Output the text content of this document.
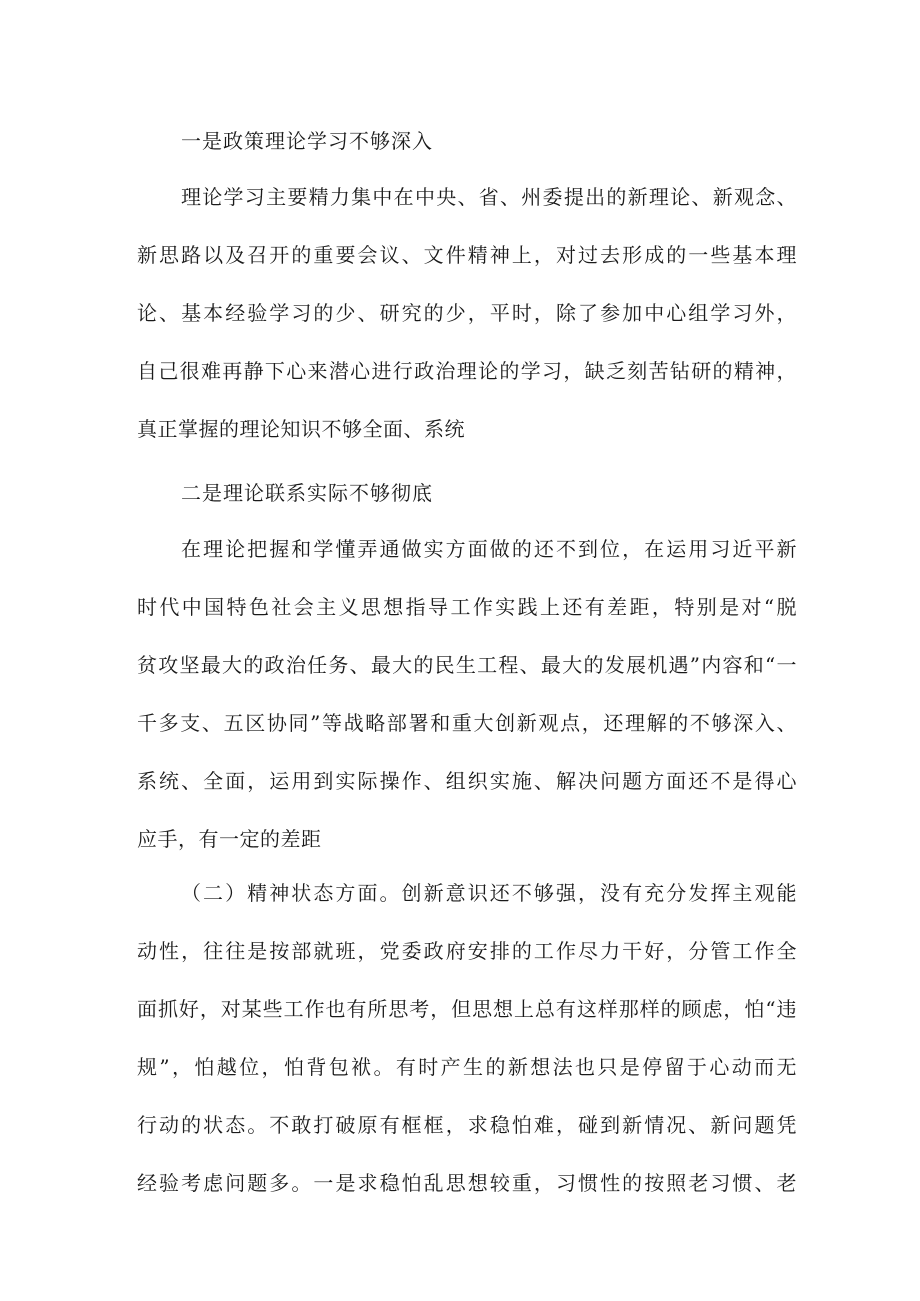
一是政策理论学习不够深入
理论学习主要精力集中在中央、省、州委提出的新理论、新观念、
新思路以及召开的重要会议、文件精神上，对过去形成的一些基本理
论、基本经验学习的少、研究的少，平时，除了参加中心组学习外，
自己很难再静下心来潜心进行政治理论的学习，缺乏刻苦钻研的精神，
真正掌握的理论知识不够全面、系统
二是理论联系实际不够彻底
在理论把握和学懂弄通做实方面做的还不到位，在运用习近平新
时代中国特色社会主义思想指导工作实践上还有差距，特别是对“脱
贫攻坚最大的政治任务、最大的民生工程、最大的发展机遇”内容和“一
千多支、五区协同”等战略部署和重大创新观点，还理解的不够深入、
系统、全面，运用到实际操作、组织实施、解决问题方面还不是得心
应手，有一定的差距
（二）精神状态方面。创新意识还不够强，没有充分发挥主观能
动性，往往是按部就班，党委政府安排的工作尽力干好，分管工作全
面抓好，对某些工作也有所思考，但思想上总有这样那样的顾虑，怕“违
规”，怕越位，怕背包袱。有时产生的新想法也只是停留于心动而无
行动的状态。不敢打破原有框框，求稳怕难，碰到新情况、新问题凭
经验考虑问题多。一是求稳怕乱思想较重，习惯性的按照老习惯、老
